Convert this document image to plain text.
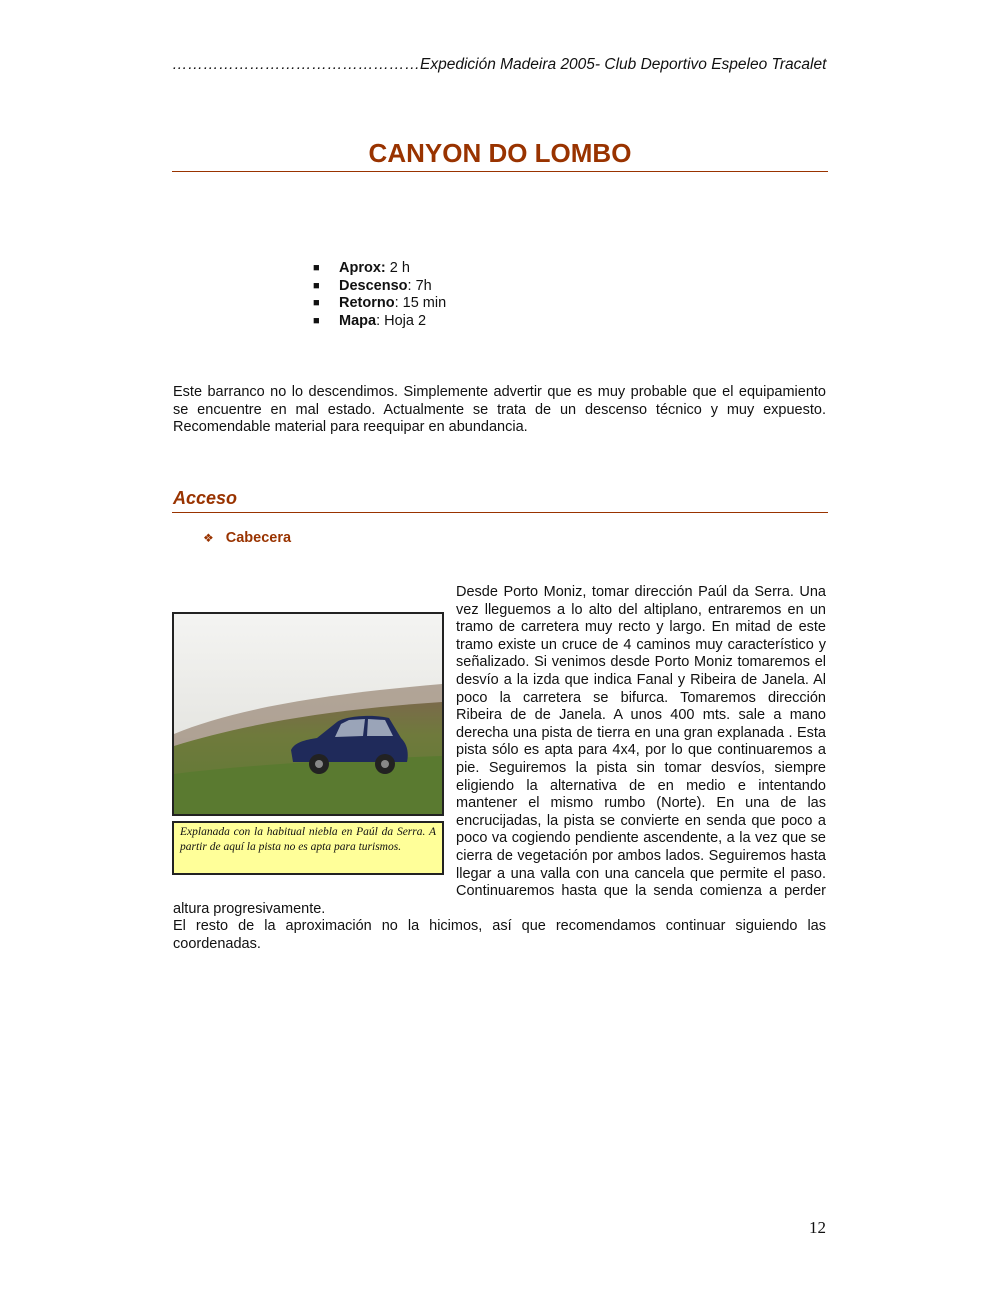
…………………………………………Expedición Madeira 2005- Club Deportivo Espeleo Tracalet
CANYON DO LOMBO
■ Aprox: 2 h
■ Descenso: 7h
■ Retorno: 15 min
■ Mapa: Hoja 2

Este barranco no lo descendimos. Simplemente advertir que es muy probable que el equipamiento se encuentre en mal estado. Actualmente se trata de un descenso técnico y muy expuesto. Recomendable material para reequipar en abundancia.

Acceso
❖ Cabecera
Explanada con la habitual niebla en Paúl da Serra. A partir de aquí la pista no es apta para turismos.
Desde Porto Moniz, tomar dirección Paúl da Serra. Una vez lleguemos a lo alto del altiplano, entraremos en un tramo de carretera muy recto y largo. En mitad de este tramo existe un cruce de 4 caminos muy característico y señalizado. Si venimos desde Porto Moniz tomaremos el desvío a la izda que indica Fanal y Ribeira de Janela. Al poco la carretera se bifurca. Tomaremos dirección Ribeira de de Janela. A unos 400 mts. sale a mano derecha una pista de tierra en una gran explanada . Esta pista sólo es apta para 4x4, por lo que continuaremos a pie. Seguiremos la pista sin tomar desvíos, siempre eligiendo la alternativa de en medio e intentando mantener el mismo rumbo (Norte). En una de las encrucijadas, la pista se convierte en senda que poco a poco va cogiendo pendiente ascendente, a la vez que se cierra de vegetación por ambos lados. Seguiremos hasta llegar a una valla con una cancela que permite el paso. Continuaremos hasta que la senda comienza a perder altura progresivamente.
El resto de la aproximación no la hicimos, así que recomendamos continuar siguiendo las coordenadas.
12
